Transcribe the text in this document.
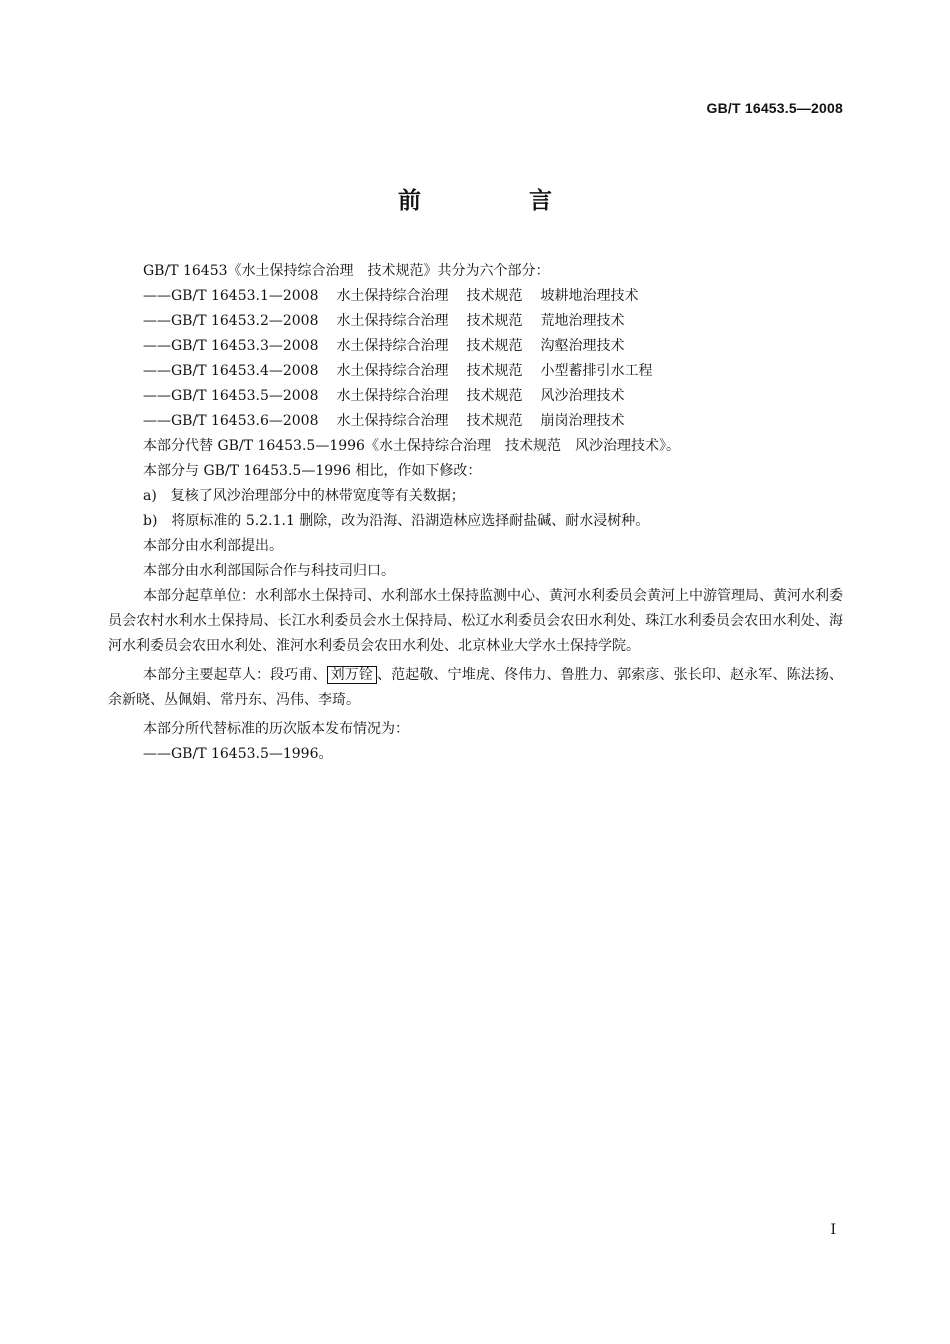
GB/T 16453.5—2008
前 言

GB/T 16453《水土保持综合治理　技术规范》共分为六个部分：

——GB/T 16453.1—2008 水土保持综合治理 技术规范 坡耕地治理技术

——GB/T 16453.2—2008 水土保持综合治理 技术规范 荒地治理技术

——GB/T 16453.3—2008 水土保持综合治理 技术规范 沟壑治理技术

——GB/T 16453.4—2008 水土保持综合治理 技术规范 小型蓄排引水工程

——GB/T 16453.5—2008 水土保持综合治理 技术规范 风沙治理技术

——GB/T 16453.6—2008 水土保持综合治理 技术规范 崩岗治理技术

本部分代替 GB/T 16453.5—1996《水土保持综合治理　技术规范　风沙治理技术》。

本部分与 GB/T 16453.5—1996 相比，作如下修改：

a)　复核了风沙治理部分中的林带宽度等有关数据；

b)　将原标准的 5.2.1.1 删除，改为沿海、沿湖造林应选择耐盐碱、耐水浸树种。

本部分由水利部提出。

本部分由水利部国际合作与科技司归口。

本部分起草单位：水利部水土保持司、水利部水土保持监测中心、黄河水利委员会黄河上中游管理局、黄河水利委员会农村水利水土保持局、长江水利委员会水土保持局、松辽水利委员会农田水利处、珠江水利委员会农田水利处、海河水利委员会农田水利处、淮河水利委员会农田水利处、北京林业大学水土保持学院。

本部分主要起草人：段巧甫、 刘万铨 、范起敬、宁堆虎、佟伟力、鲁胜力、郭索彦、张长印、赵永军、陈法扬、余新晓、丛佩娟、常丹东、冯伟、李琦。

本部分所代替标准的历次版本发布情况为：

——GB/T 16453.5—1996。

I
